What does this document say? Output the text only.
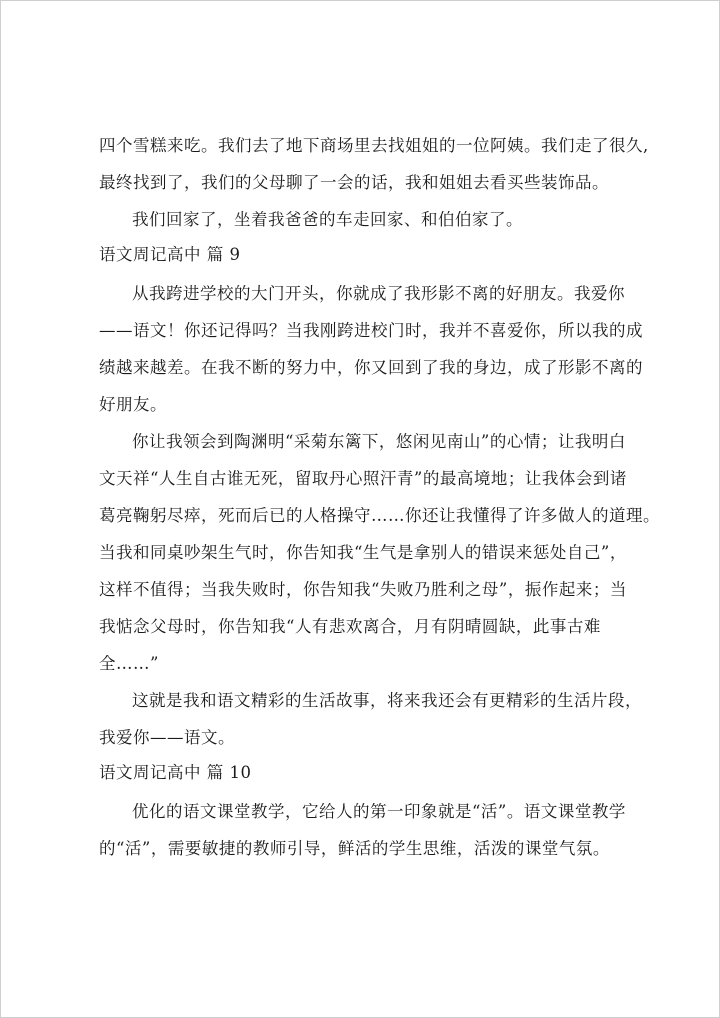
四个雪糕来吃。我们去了地下商场里去找姐姐的一位阿姨。我们走了很久,
最终找到了，我们的父母聊了一会的话，我和姐姐去看买些装饰品。
我们回家了，坐着我爸爸的车走回家、和伯伯家了。
语文周记高中 篇 9
从我跨进学校的大门开头，你就成了我形影不离的好朋友。我爱你
——语文！你还记得吗？当我刚跨进校门时，我并不喜爱你，所以我的成
绩越来越差。在我不断的努力中，你又回到了我的身边，成了形影不离的
好朋友。
你让我领会到陶渊明“采菊东篱下，悠闲见南山”的心情；让我明白
文天祥“人生自古谁无死，留取丹心照汗青”的最高境地；让我体会到诸
葛亮鞠躬尽瘁，死而后已的人格操守……你还让我懂得了许多做人的道理。
当我和同桌吵架生气时，你告知我“生气是拿别人的错误来惩处自己”，
这样不值得；当我失败时，你告知我“失败乃胜利之母”，振作起来；当
我惦念父母时，你告知我“人有悲欢离合，月有阴晴圆缺，此事古难
全……”
这就是我和语文精彩的生活故事，将来我还会有更精彩的生活片段，
我爱你——语文。
语文周记高中 篇 10
优化的语文课堂教学，它给人的第一印象就是“活”。语文课堂教学
的“活”，需要敏捷的教师引导，鲜活的学生思维，活泼的课堂气氛。
